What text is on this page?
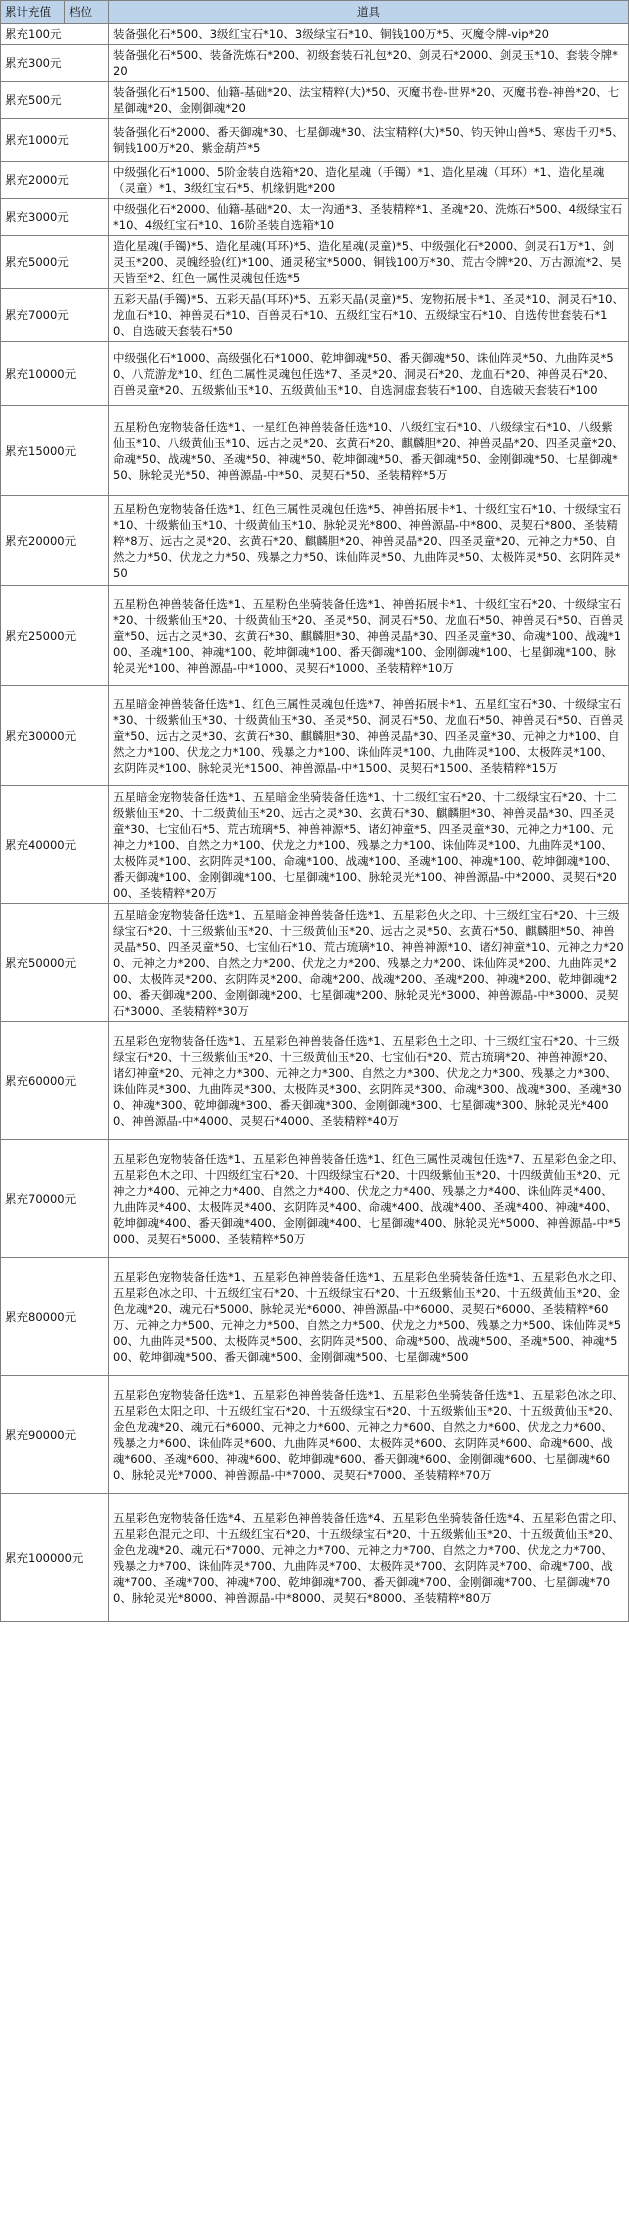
累计充值	档位	道具
累充100元		装备强化石*500、3级红宝石*10、3级绿宝石*10、铜钱100万*5、灭魔令牌-vip*20
累充300元		装备强化石*500、装备洗炼石*200、初级套装石礼包*20、剑灵石*2000、剑灵玉*10、套装令牌*20
累充500元		装备强化石*1500、仙籍-基础*20、法宝精粹(大)*50、灭魔书卷-世界*20、灭魔书卷-神兽*20、七星御魂*20、金刚御魂*20
累充1000元		装备强化石*2000、番天御魂*30、七星御魂*30、法宝精粹(大)*50、钧天钟山兽*5、寒齿千刃*5、铜钱100万*20、紫金葫芦*5
累充2000元		中级强化石*1000、5阶金装自选箱*20、造化星魂（手镯）*1、造化星魂（耳环）*1、造化星魂（灵童）*1、3级红宝石*5、机缘钥匙*200
累充3000元		中级强化石*2000、仙籍-基础*20、太一沟通*3、圣装精粹*1、圣魂*20、洗炼石*500、4级绿宝石*10、4级红宝石*10、16阶圣装自选箱*10
累充5000元		造化星魂(手镯)*5、造化星魂(耳环)*5、造化星魂(灵童)*5、中级强化石*2000、剑灵石1万*1、剑灵玉*200、灵魄经验(红)*100、通灵秘宝*5000、铜钱100万*30、荒古令牌*20、万古源流*2、昊天皆至*2、红色一属性灵魂包任选*5
累充7000元		五彩天晶(手镯)*5、五彩天晶(耳环)*5、五彩天晶(灵童)*5、宠物拓展卡*1、圣灵*10、洞灵石*10、龙血石*10、神兽灵石*10、百兽灵石*10、五级红宝石*10、五级绿宝石*10、自选传世套装石*10、自选破天套装石*50
累充10000元		中级强化石*1000、高级强化石*1000、乾坤御魂*50、番天御魂*50、诛仙阵灵*50、九曲阵灵*50、八荒游龙*10、红色二属性灵魂包任选*7、圣灵*20、洞灵石*20、龙血石*20、神兽灵石*20、百兽灵童*20、五级紫仙玉*10、五级黄仙玉*10、自选洞虚套装石*100、自选破天套装石*100
累充15000元		五星粉色宠物装备任选*1、一星红色神兽装备任选*10、八级红宝石*10、八级绿宝石*10、八级紫仙玉*10、八级黄仙玉*10、远古之灵*20、玄黄石*20、麒麟胆*20、神兽灵晶*20、四圣灵童*20、命魂*50、战魂*50、圣魂*50、神魂*50、乾坤御魂*50、番天御魂*50、金刚御魂*50、七星御魂*50、脉轮灵光*50、神兽源晶-中*50、灵契石*50、圣装精粹*5万
累充20000元		五星粉色宠物装备任选*1、红色三属性灵魂包任选*5、神兽拓展卡*1、十级红宝石*10、十级绿宝石*10、十级紫仙玉*10、十级黄仙玉*10、脉轮灵光*800、神兽源晶-中*800、灵契石*800、圣装精粹*8万、远古之灵*20、玄黄石*20、麒麟胆*20、神兽灵晶*20、四圣灵童*20、元神之力*50、自然之力*50、伏龙之力*50、残暴之力*50、诛仙阵灵*50、九曲阵灵*50、太极阵灵*50、玄阴阵灵*50
累充25000元		五星粉色神兽装备任选*1、五星粉色坐骑装备任选*1、神兽拓展卡*1、十级红宝石*20、十级绿宝石*20、十级紫仙玉*20、十级黄仙玉*20、圣灵*50、洞灵石*50、龙血石*50、神兽灵石*50、百兽灵童*50、远古之灵*30、玄黄石*30、麒麟胆*30、神兽灵晶*30、四圣灵童*30、命魂*100、战魂*100、圣魂*100、神魂*100、乾坤御魂*100、番天御魂*100、金刚御魂*100、七星御魂*100、脉轮灵光*100、神兽源晶-中*1000、灵契石*1000、圣装精粹*10万
累充30000元		五星暗金神兽装备任选*1、红色三属性灵魂包任选*7、神兽拓展卡*1、五星红宝石*30、十级绿宝石*30、十级紫仙玉*30、十级黄仙玉*30、圣灵*50、洞灵石*50、龙血石*50、神兽灵石*50、百兽灵童*50、远古之灵*30、玄黄石*30、麒麟胆*30、神兽灵晶*30、四圣灵童*30、元神之力*100、自然之力*100、伏龙之力*100、残暴之力*100、诛仙阵灵*100、九曲阵灵*100、太极阵灵*100、玄阴阵灵*100、脉轮灵光*1500、神兽源晶-中*1500、灵契石*1500、圣装精粹*15万
累充40000元		五星暗金宠物装备任选*1、五星暗金坐骑装备任选*1、十二级红宝石*20、十二级绿宝石*20、十二级紫仙玉*20、十二级黄仙玉*20、远古之灵*30、玄黄石*30、麒麟胆*30、神兽灵晶*30、四圣灵童*30、七宝仙石*5、荒古琉璃*5、神兽神源*5、诸幻神童*5、四圣灵童*30、元神之力*100、元神之力*100、自然之力*100、伏龙之力*100、残暴之力*100、诛仙阵灵*100、九曲阵灵*100、太极阵灵*100、玄阴阵灵*100、命魂*100、战魂*100、圣魂*100、神魂*100、乾坤御魂*100、番天御魂*100、金刚御魂*100、七星御魂*100、脉轮灵光*100、神兽源晶-中*2000、灵契石*2000、圣装精粹*20万
累充50000元		五星暗金宠物装备任选*1、五星暗金神兽装备任选*1、五星彩色火之印、十三级红宝石*20、十三级绿宝石*20、十三级紫仙玉*20、十三级黄仙玉*20、远古之灵*50、玄黄石*50、麒麟胆*50、神兽灵晶*50、四圣灵童*50、七宝仙石*10、荒古琉璃*10、神兽神源*10、诸幻神童*10、元神之力*200、元神之力*200、自然之力*200、伏龙之力*200、残暴之力*200、诛仙阵灵*200、九曲阵灵*200、太极阵灵*200、玄阴阵灵*200、命魂*200、战魂*200、圣魂*200、神魂*200、乾坤御魂*200、番天御魂*200、金刚御魂*200、七星御魂*200、脉轮灵光*3000、神兽源晶-中*3000、灵契石*3000、圣装精粹*30万
累充60000元		五星彩色宠物装备任选*1、五星彩色神兽装备任选*1、五星彩色土之印、十三级红宝石*20、十三级绿宝石*20、十三级紫仙玉*20、十三级黄仙玉*20、七宝仙石*20、荒古琉璃*20、神兽神源*20、诸幻神童*20、元神之力*300、元神之力*300、自然之力*300、伏龙之力*300、残暴之力*300、诛仙阵灵*300、九曲阵灵*300、太极阵灵*300、玄阴阵灵*300、命魂*300、战魂*300、圣魂*300、神魂*300、乾坤御魂*300、番天御魂*300、金刚御魂*300、七星御魂*300、脉轮灵光*4000、神兽源晶-中*4000、灵契石*4000、圣装精粹*40万
累充70000元		五星彩色宠物装备任选*1、五星彩色神兽装备任选*1、红色三属性灵魂包任选*7、五星彩色金之印、五星彩色木之印、十四级红宝石*20、十四级绿宝石*20、十四级紫仙玉*20、十四级黄仙玉*20、元神之力*400、元神之力*400、自然之力*400、伏龙之力*400、残暴之力*400、诛仙阵灵*400、九曲阵灵*400、太极阵灵*400、玄阴阵灵*400、命魂*400、战魂*400、圣魂*400、神魂*400、乾坤御魂*400、番天御魂*400、金刚御魂*400、七星御魂*400、脉轮灵光*5000、神兽源晶-中*5000、灵契石*5000、圣装精粹*50万
累充80000元		五星彩色宠物装备任选*1、五星彩色神兽装备任选*1、五星彩色坐骑装备任选*1、五星彩色水之印、五星彩色冰之印、十五级红宝石*20、十五级绿宝石*20、十五级紫仙玉*20、十五级黄仙玉*20、金色龙魂*20、魂元石*5000、脉轮灵光*6000、神兽源晶-中*6000、灵契石*6000、圣装精粹*60万、元神之力*500、元神之力*500、自然之力*500、伏龙之力*500、残暴之力*500、诛仙阵灵*500、九曲阵灵*500、太极阵灵*500、玄阴阵灵*500、命魂*500、战魂*500、圣魂*500、神魂*500、乾坤御魂*500、番天御魂*500、金刚御魂*500、七星御魂*500
累充90000元		五星彩色宠物装备任选*1、五星彩色神兽装备任选*1、五星彩色坐骑装备任选*1、五星彩色冰之印、五星彩色太阳之印、十五级红宝石*20、十五级绿宝石*20、十五级紫仙玉*20、十五级黄仙玉*20、金色龙魂*20、魂元石*6000、元神之力*600、元神之力*600、自然之力*600、伏龙之力*600、残暴之力*600、诛仙阵灵*600、九曲阵灵*600、太极阵灵*600、玄阴阵灵*600、命魂*600、战魂*600、圣魂*600、神魂*600、乾坤御魂*600、番天御魂*600、金刚御魂*600、七星御魂*600、脉轮灵光*7000、神兽源晶-中*7000、灵契石*7000、圣装精粹*70万
累充100000元		五星彩色宠物装备任选*4、五星彩色神兽装备任选*4、五星彩色坐骑装备任选*4、五星彩色雷之印、五星彩色混元之印、十五级红宝石*20、十五级绿宝石*20、十五级紫仙玉*20、十五级黄仙玉*20、金色龙魂*20、魂元石*7000、元神之力*700、元神之力*700、自然之力*700、伏龙之力*700、残暴之力*700、诛仙阵灵*700、九曲阵灵*700、太极阵灵*700、玄阴阵灵*700、命魂*700、战魂*700、圣魂*700、神魂*700、乾坤御魂*700、番天御魂*700、金刚御魂*700、七星御魂*700、脉轮灵光*8000、神兽源晶-中*8000、灵契石*8000、圣装精粹*80万
